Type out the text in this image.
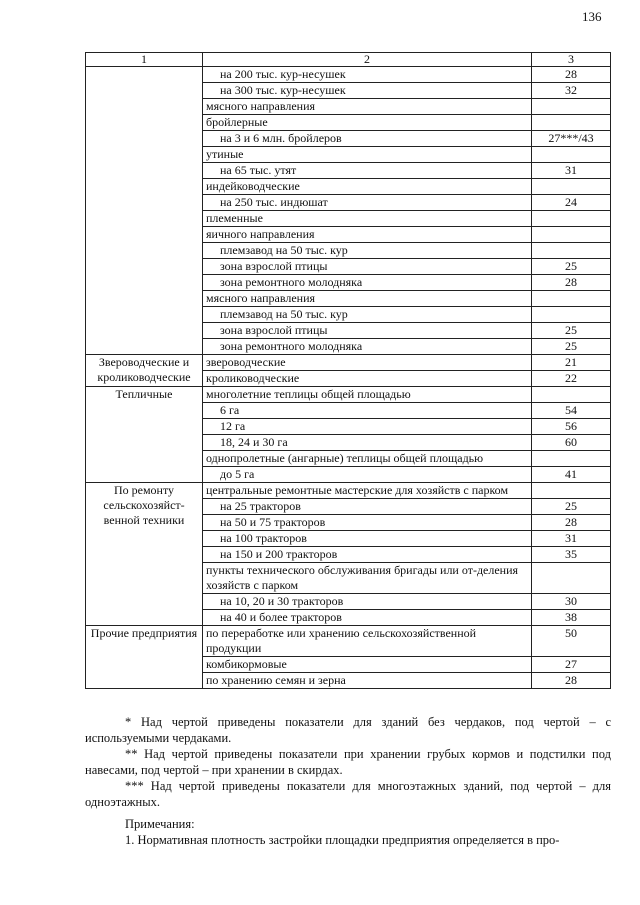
136
1	2	3
	на 200 тыс. кур-несушек	28
	на 300 тыс. кур-несушек	32
	мясного направления	
	бройлерные	
	на 3 и 6 млн. бройлеров	27***/43
	утиные	
	на 65 тыс. утят	31
	индейководческие	
	на 250 тыс. индюшат	24
	племенные	
	яичного направления	
	племзавод на 50 тыс. кур	
	зона взрослой птицы	25
	зона ремонтного молодняка	28
	мясного направления	
	племзавод на 50 тыс. кур	
	зона взрослой птицы	25
	зона ремонтного молодняка	25
Звероводческие и кролиководческие	звероводческие	21
	кролиководческие	22
Тепличные	многолетние теплицы общей площадью	
	6 га	54
	12 га	56
	18, 24 и 30 га	60
	однопролетные (ангарные) теплицы общей площадью	
	до 5 га	41
По ремонту сельскохозяйст-венной техники	центральные ремонтные мастерские для хозяйств с парком	
	на 25 тракторов	25
	на 50 и 75 тракторов	28
	на 100 тракторов	31
	на 150 и 200 тракторов	35
	пункты технического обслуживания бригады или от-деления хозяйств с парком	
	на 10, 20 и 30 тракторов	30
	на 40 и более тракторов	38
Прочие предприятия	по переработке или хранению сельскохозяйственной продукции	50
	комбикормовые	27
	по хранению семян и зерна	28

* Над чертой приведены показатели для зданий без чердаков, под чертой – с используемыми чердаками.

** Над чертой приведены показатели при хранении грубых кормов и подстилки под навесами, под чертой – при хранении в скирдах.

*** Над чертой приведены показатели для многоэтажных зданий, под чертой – для одноэтажных.

Примечания:

1. Нормативная плотность застройки площадки предприятия определяется в про-
